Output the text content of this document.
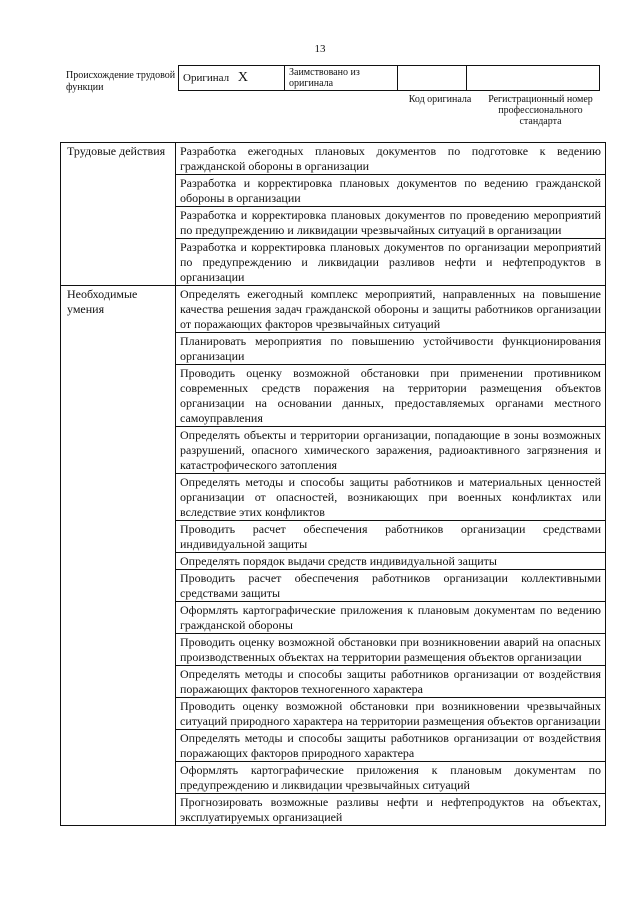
13
Происхождение трудовой функции
Оригинал X	Заимствовано из оригинала		
Код оригинала	Регистрационный номер профессионального стандарта
Трудовые действия	Разработка ежегодных плановых документов по подготовке к ведению гражданской обороны в организации
	Разработка и корректировка плановых документов по ведению гражданской обороны в организации
	Разработка и корректировка плановых документов по проведению мероприятий по предупреждению и ликвидации чрезвычайных ситуаций в организации
	Разработка и корректировка плановых документов по организации мероприятий по предупреждению и ликвидации разливов нефти и нефтепродуктов в организации
Необходимые умения	Определять ежегодный комплекс мероприятий, направленных на повышение качества решения задач гражданской обороны и защиты работников организации от поражающих факторов чрезвычайных ситуаций
	Планировать мероприятия по повышению устойчивости функционирования организации
	Проводить оценку возможной обстановки при применении противником современных средств поражения на территории размещения объектов организации на основании данных, предоставляемых органами местного самоуправления
	Определять объекты и территории организации, попадающие в зоны возможных разрушений, опасного химического заражения, радиоактивного загрязнения и катастрофического затопления
	Определять методы и способы защиты работников и материальных ценностей организации от опасностей, возникающих при военных конфликтах или вследствие этих конфликтов
	Проводить расчет обеспечения работников организации средствами индивидуальной защиты
	Определять порядок выдачи средств индивидуальной защиты
	Проводить расчет обеспечения работников организации коллективными средствами защиты
	Оформлять картографические приложения к плановым документам по ведению гражданской обороны
	Проводить оценку возможной обстановки при возникновении аварий на опасных производственных объектах на территории размещения объектов организации
	Определять методы и способы защиты работников организации от воздействия поражающих факторов техногенного характера
	Проводить оценку возможной обстановки при возникновении чрезвычайных ситуаций природного характера на территории размещения объектов организации
	Определять методы и способы защиты работников организации от воздействия поражающих факторов природного характера
	Оформлять картографические приложения к плановым документам по предупреждению и ликвидации чрезвычайных ситуаций
	Прогнозировать возможные разливы нефти и нефтепродуктов на объектах, эксплуатируемых организацией
